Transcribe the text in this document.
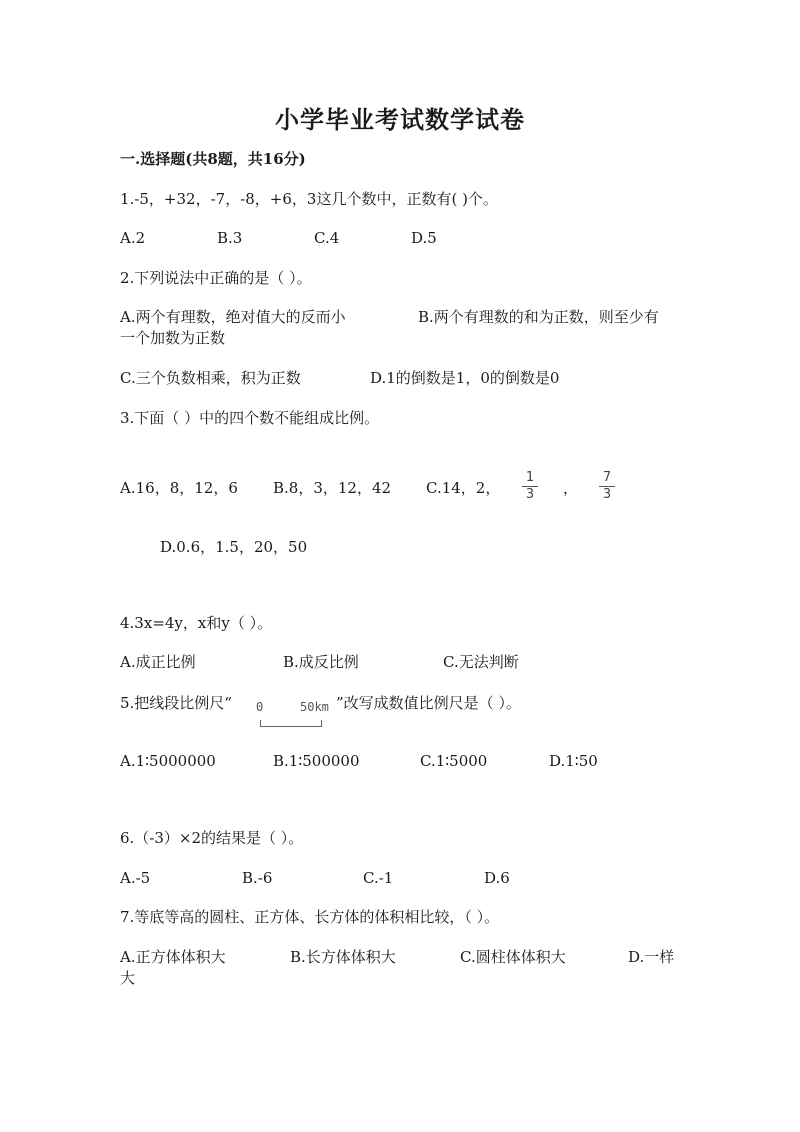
小学毕业考试数学试卷
一.选择题(共8题，共16分)
1.-5，+32，-7，-8，+6，3这几个数中，正数有( )个。
A.2	B.3	C.4	D.5
2.下列说法中正确的是（ ）。
A.两个有理数，绝对值大的反而小	B.两个有理数的和为正数，则至少有
一个加数为正数
C.三个负数相乘，积为正数	D.1的倒数是1，0的倒数是0
3.下面（ ）中的四个数不能组成比例。
A.16，8，12，6 B.8，3，12，42 C.14，2，
1
3	，
7
3
D.0.6，1.5，20，50
4.3x=4y，x和y（ ）。
A.成正比例	B.成反比例	C.无法判断
5.把线段比例尺“ 0	50km ”改写成数值比例尺是（ ）。
A.1∶5000000	B.1∶500000	C.1∶5000	D.1∶50
6.（-3）×2的结果是（ ）。
A.-5	B.-6	C.-1	D.6
7.等底等高的圆柱、正方体、长方体的体积相比较，（ ）。
A.正方体体积大	B.长方体体积大	C.圆柱体体积大	D.一样
大
